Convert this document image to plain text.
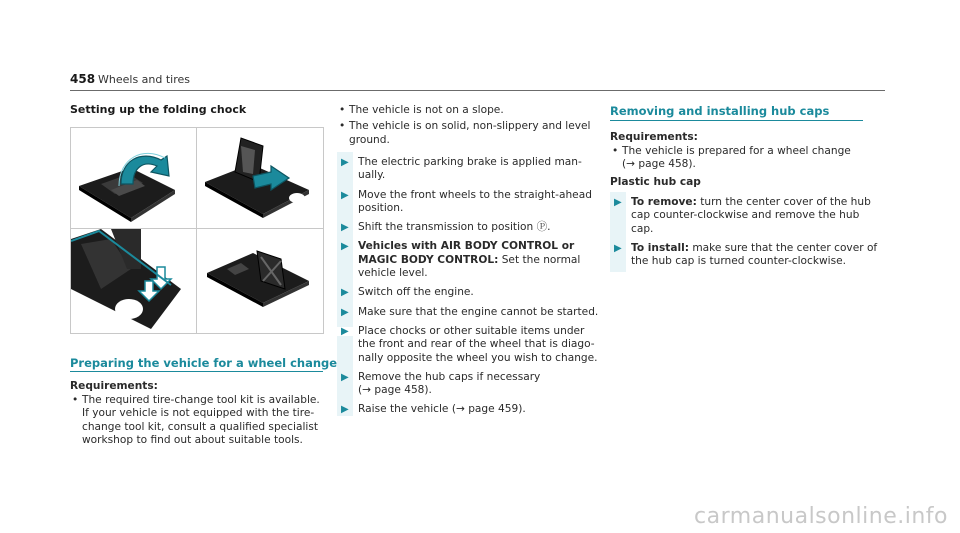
458 Wheels and tires
Setting up the folding chock
Preparing the vehicle for a wheel change
Requirements:
• The required tire-change tool kit is available.
If your vehicle is not equipped with the tire-
change tool kit, consult a qualified specialist
workshop to find out about suitable tools.
• The vehicle is not on a slope.
• The vehicle is on solid, non-slippery and level
ground.
▶ The electric parking brake is applied man-
ually.
▶ Move the front wheels to the straight-ahead
position.
▶ Shift the transmission to position Ⓟ.
▶ Vehicles with AIR BODY CONTROL or
MAGIC BODY CONTROL: Set the normal
vehicle level.
▶ Switch off the engine.
▶ Make sure that the engine cannot be started.
▶ Place chocks or other suitable items under
the front and rear of the wheel that is diago-
nally opposite the wheel you wish to change.
▶ Remove the hub caps if necessary
(→ page 458).
▶ Raise the vehicle (→ page 459).
Removing and installing hub caps
Requirements:
• The vehicle is prepared for a wheel change
(→ page 458).
Plastic hub cap
▶ To remove: turn the center cover of the hub
cap counter-clockwise and remove the hub
cap.
▶ To install: make sure that the center cover of
the hub cap is turned counter-clockwise.
carmanualsonline.info
